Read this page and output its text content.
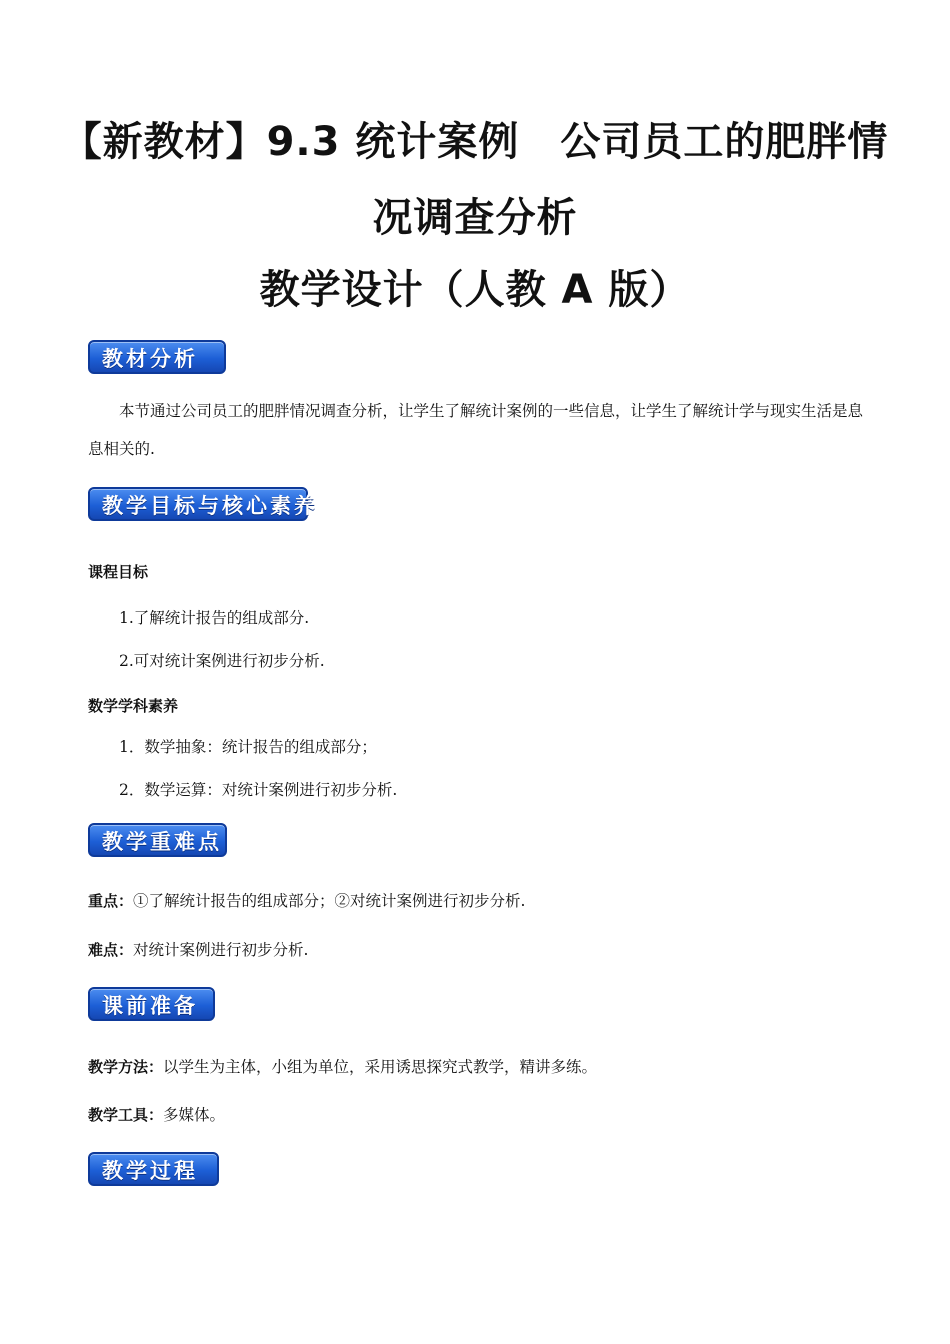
【新教材】9.3 统计案例　公司员工的肥胖情
况调查分析
教学设计（人教 A 版）
教材分析
本节通过公司员工的肥胖情况调查分析，让学生了解统计案例的一些信息，让学生了解统计学与现实生活是息息相关的.
教学目标与核心素养
课程目标
1.了解统计报告的组成部分.
2.可对统计案例进行初步分析.
数学学科素养
1．数学抽象：统计报告的组成部分；
2．数学运算：对统计案例进行初步分析.
教学重难点
重点：①了解统计报告的组成部分；②对统计案例进行初步分析.
难点：对统计案例进行初步分析.
课前准备
教学方法：以学生为主体，小组为单位，采用诱思探究式教学，精讲多练。
教学工具：多媒体。
教学过程
